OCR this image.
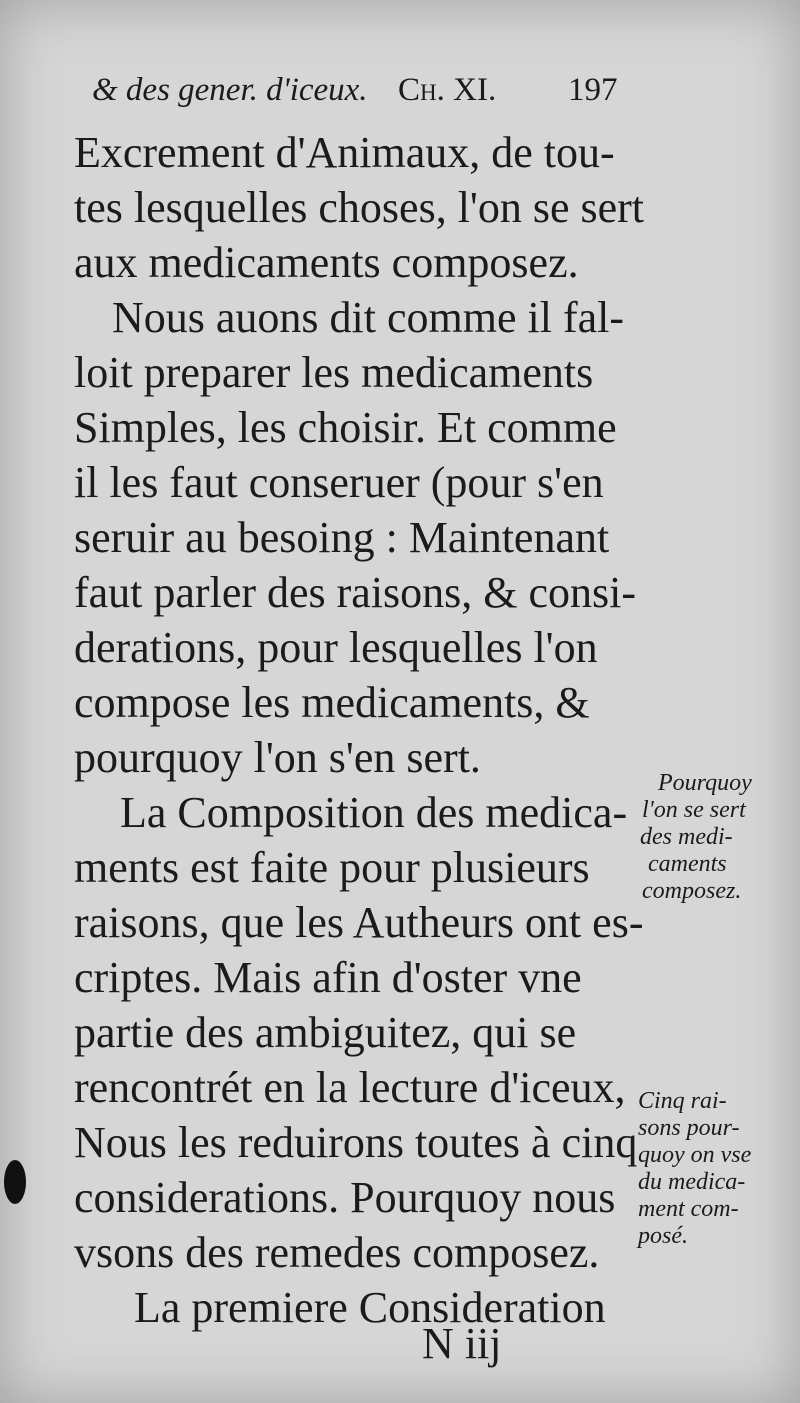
& des gener. d'iceux. Ch. XI. 197
Excrement d'Animaux, de tou-
tes lesquelles choses, l'on se sert
aux medicaments composez.
Nous auons dit comme il fal-
loit preparer les medicaments
Simples, les choisir. Et comme
il les faut conseruer (pour s'en
seruir au besoing : Maintenant
faut parler des raisons, & consi-
derations, pour lesquelles l'on
compose les medicaments, &
pourquoy l'on s'en sert.
La Composition des medica-
ments est faite pour plusieurs
raisons, que les Autheurs ont es-
criptes. Mais afin d'oster vne
partie des ambiguitez, qui se
rencontrét en la lecture d'iceux,
Nous les reduirons toutes à cinq
considerations. Pourquoy nous
vsons des remedes composez.
La premiere Consideration
Pourquoy
l'on se sert
des medi-
caments
composez.
Cinq rai-
sons pour-
quoy on vse
du medica-
ment com-
posé.
N iij
